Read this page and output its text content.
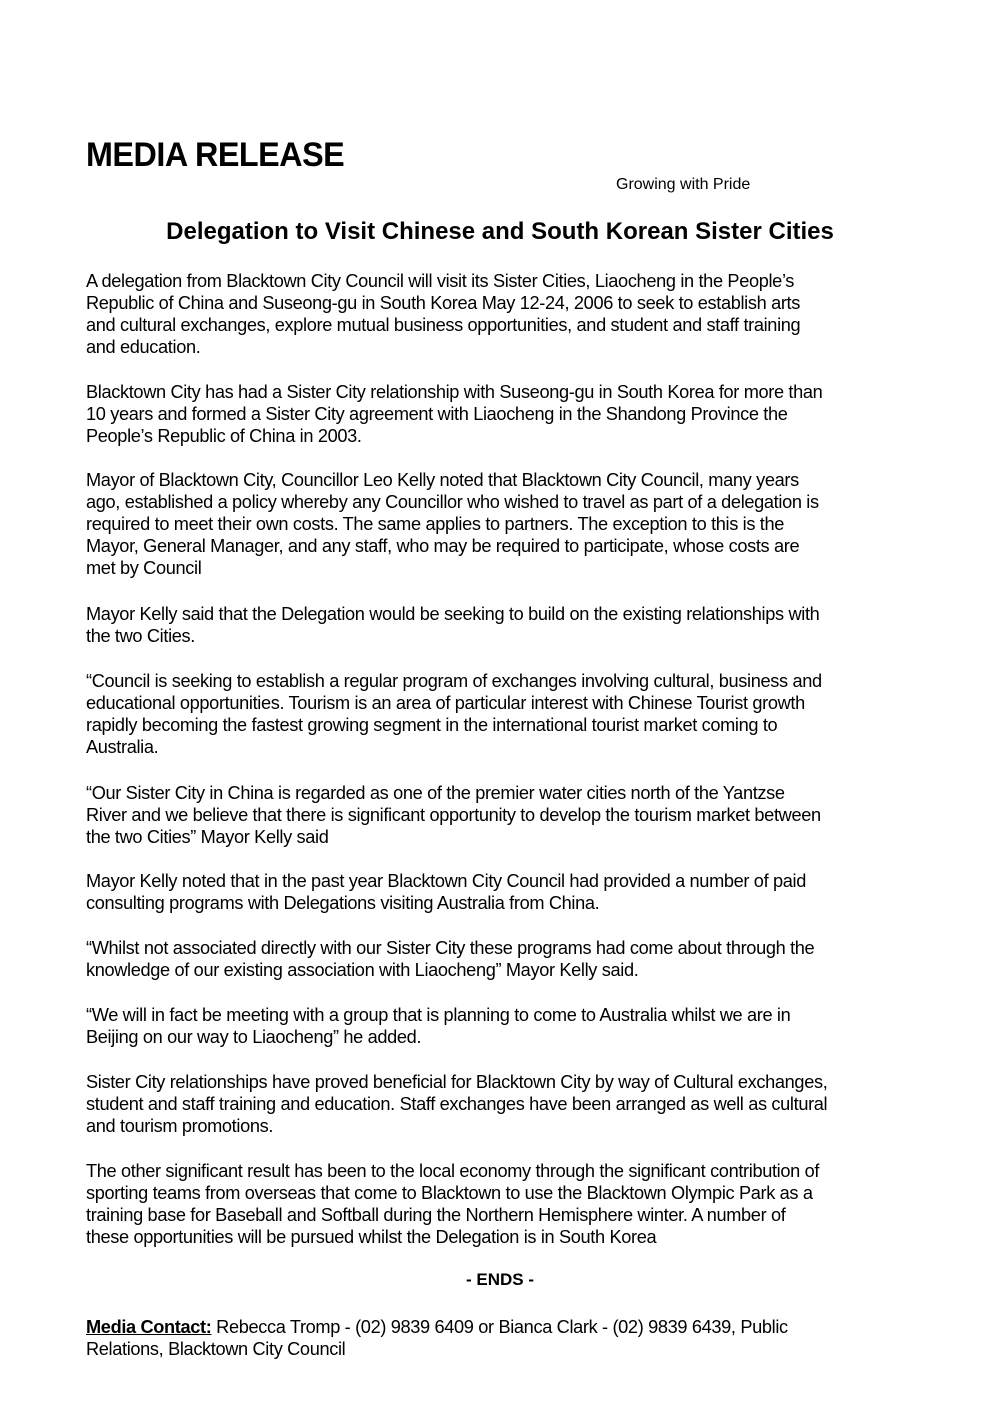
MEDIA RELEASE

Growing with Pride

Delegation to Visit Chinese and South Korean Sister Cities

A delegation from Blacktown City Council will visit its Sister Cities, Liaocheng in the People’s
Republic of China and Suseong-gu in South Korea May 12-24, 2006 to seek to establish arts
and cultural exchanges, explore mutual business opportunities, and student and staff training
and education.

Blacktown City has had a Sister City relationship with Suseong-gu in South Korea for more than
10 years and formed a Sister City agreement with Liaocheng in the Shandong Province the
People’s Republic of China in 2003.

Mayor of Blacktown City, Councillor Leo Kelly noted that Blacktown City Council, many years
ago, established a policy whereby any Councillor who wished to travel as part of a delegation is
required to meet their own costs. The same applies to partners. The exception to this is the
Mayor, General Manager, and any staff, who may be required to participate, whose costs are
met by Council

Mayor Kelly said that the Delegation would be seeking to build on the existing relationships with
the two Cities.

“Council is seeking to establish a regular program of exchanges involving cultural, business and
educational opportunities. Tourism is an area of particular interest with Chinese Tourist growth
rapidly becoming the fastest growing segment in the international tourist market coming to
Australia.

“Our Sister City in China is regarded as one of the premier water cities north of the Yantzse
River and we believe that there is significant opportunity to develop the tourism market between
the two Cities” Mayor Kelly said

Mayor Kelly noted that in the past year Blacktown City Council had provided a number of paid
consulting programs with Delegations visiting Australia from China.

“Whilst not associated directly with our Sister City these programs had come about through the
knowledge of our existing association with Liaocheng” Mayor Kelly said.

“We will in fact be meeting with a group that is planning to come to Australia whilst we are in
Beijing on our way to Liaocheng” he added.

Sister City relationships have proved beneficial for Blacktown City by way of Cultural exchanges,
student and staff training and education. Staff exchanges have been arranged as well as cultural
and tourism promotions.

The other significant result has been to the local economy through the significant contribution of
sporting teams from overseas that come to Blacktown to use the Blacktown Olympic Park as a
training base for Baseball and Softball during the Northern Hemisphere winter. A number of
these opportunities will be pursued whilst the Delegation is in South Korea

- ENDS -

Media Contact: Rebecca Tromp - (02) 9839 6409 or Bianca Clark - (02) 9839 6439, Public
Relations, Blacktown City Council
